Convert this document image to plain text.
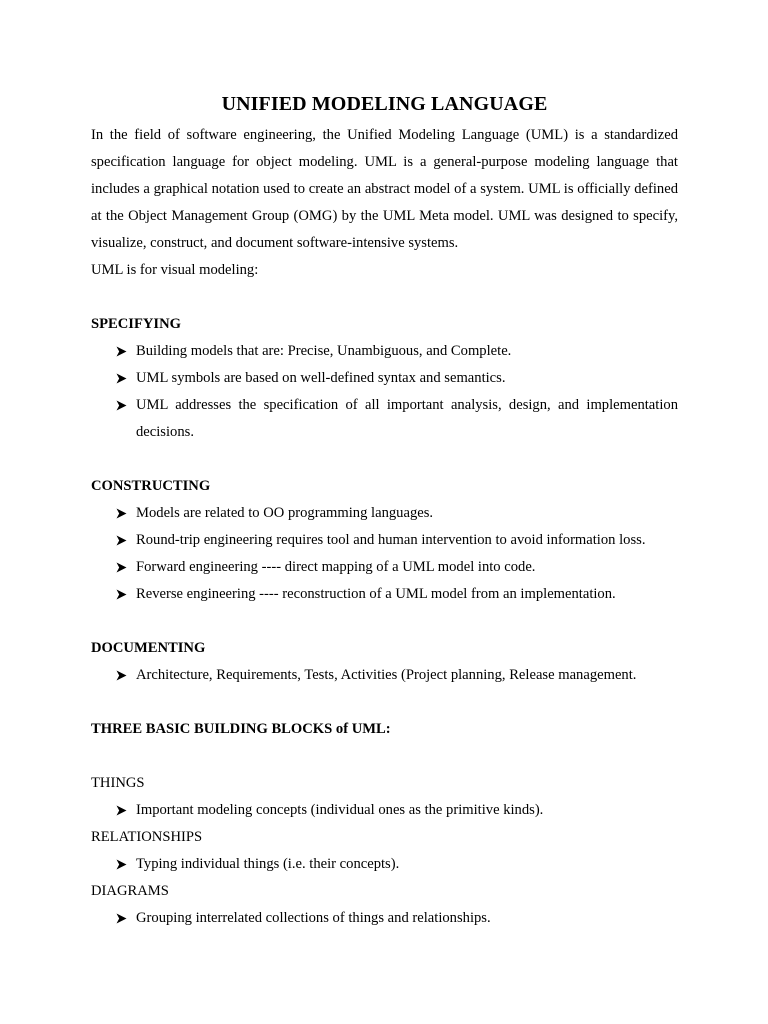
UNIFIED MODELING LANGUAGE

In the field of software engineering, the Unified Modeling Language (UML) is a standardized specification language for object modeling. UML is a general-purpose modeling language that includes a graphical notation used to create an abstract model of a system. UML is officially defined at the Object Management Group (OMG) by the UML Meta model. UML was designed to specify, visualize, construct, and document software-intensive systems.

UML is for visual modeling:

SPECIFYING
Building models that are: Precise, Unambiguous, and Complete.
UML symbols are based on well-defined syntax and semantics.
UML addresses the specification of all important analysis, design, and implementation decisions.
CONSTRUCTING
Models are related to OO programming languages.
Round-trip engineering requires tool and human intervention to avoid information loss.
Forward engineering ---- direct mapping of a UML model into code.
Reverse engineering ---- reconstruction of a UML model from an implementation.
DOCUMENTING
Architecture, Requirements, Tests, Activities (Project planning, Release management.
THREE BASIC BUILDING BLOCKS of UML:
THINGS
Important modeling concepts (individual ones as the primitive kinds).
RELATIONSHIPS
Typing individual things (i.e. their concepts).
DIAGRAMS
Grouping interrelated collections of things and relationships.
